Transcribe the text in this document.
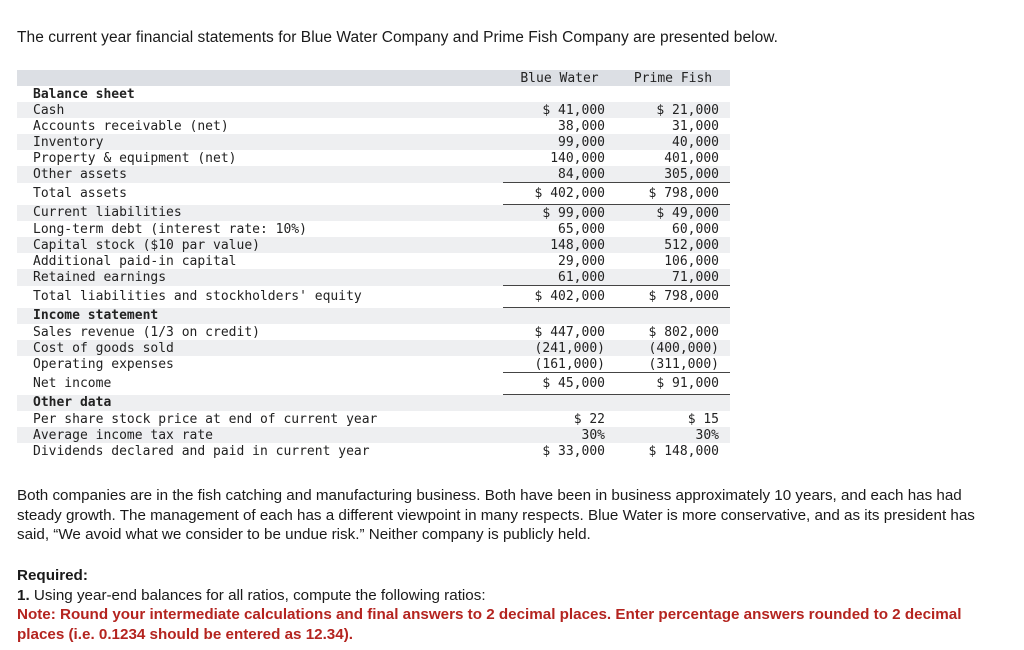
The current year financial statements for Blue Water Company and Prime Fish Company are presented below.

	Blue Water	Prime Fish
Balance sheet		
Cash	$ 41,000	$ 21,000
Accounts receivable (net)	38,000	31,000
Inventory	99,000	40,000
Property & equipment (net)	140,000	401,000
Other assets	84,000	305,000
Total assets	$ 402,000	$ 798,000
Current liabilities	$ 99,000	$ 49,000
Long-term debt (interest rate: 10%)	65,000	60,000
Capital stock ($10 par value)	148,000	512,000
Additional paid-in capital	29,000	106,000
Retained earnings	61,000	71,000
Total liabilities and stockholders' equity	$ 402,000	$ 798,000
Income statement		
Sales revenue (1/3 on credit)	$ 447,000	$ 802,000
Cost of goods sold	(241,000)	(400,000)
Operating expenses	(161,000)	(311,000)
Net income	$ 45,000	$ 91,000
Other data		
Per share stock price at end of current year	$ 22	$ 15
Average income tax rate	30%	30%
Dividends declared and paid in current year	$ 33,000	$ 148,000

Both companies are in the fish catching and manufacturing business. Both have been in business approximately 10 years, and each has had steady growth. The management of each has a different viewpoint in many respects. Blue Water is more conservative, and as its president has said, “We avoid what we consider to be undue risk.” Neither company is publicly held.

Required:
1. Using year-end balances for all ratios, compute the following ratios:
Note: Round your intermediate calculations and final answers to 2 decimal places. Enter percentage answers rounded to 2 decimal places (i.e. 0.1234 should be entered as 12.34).
